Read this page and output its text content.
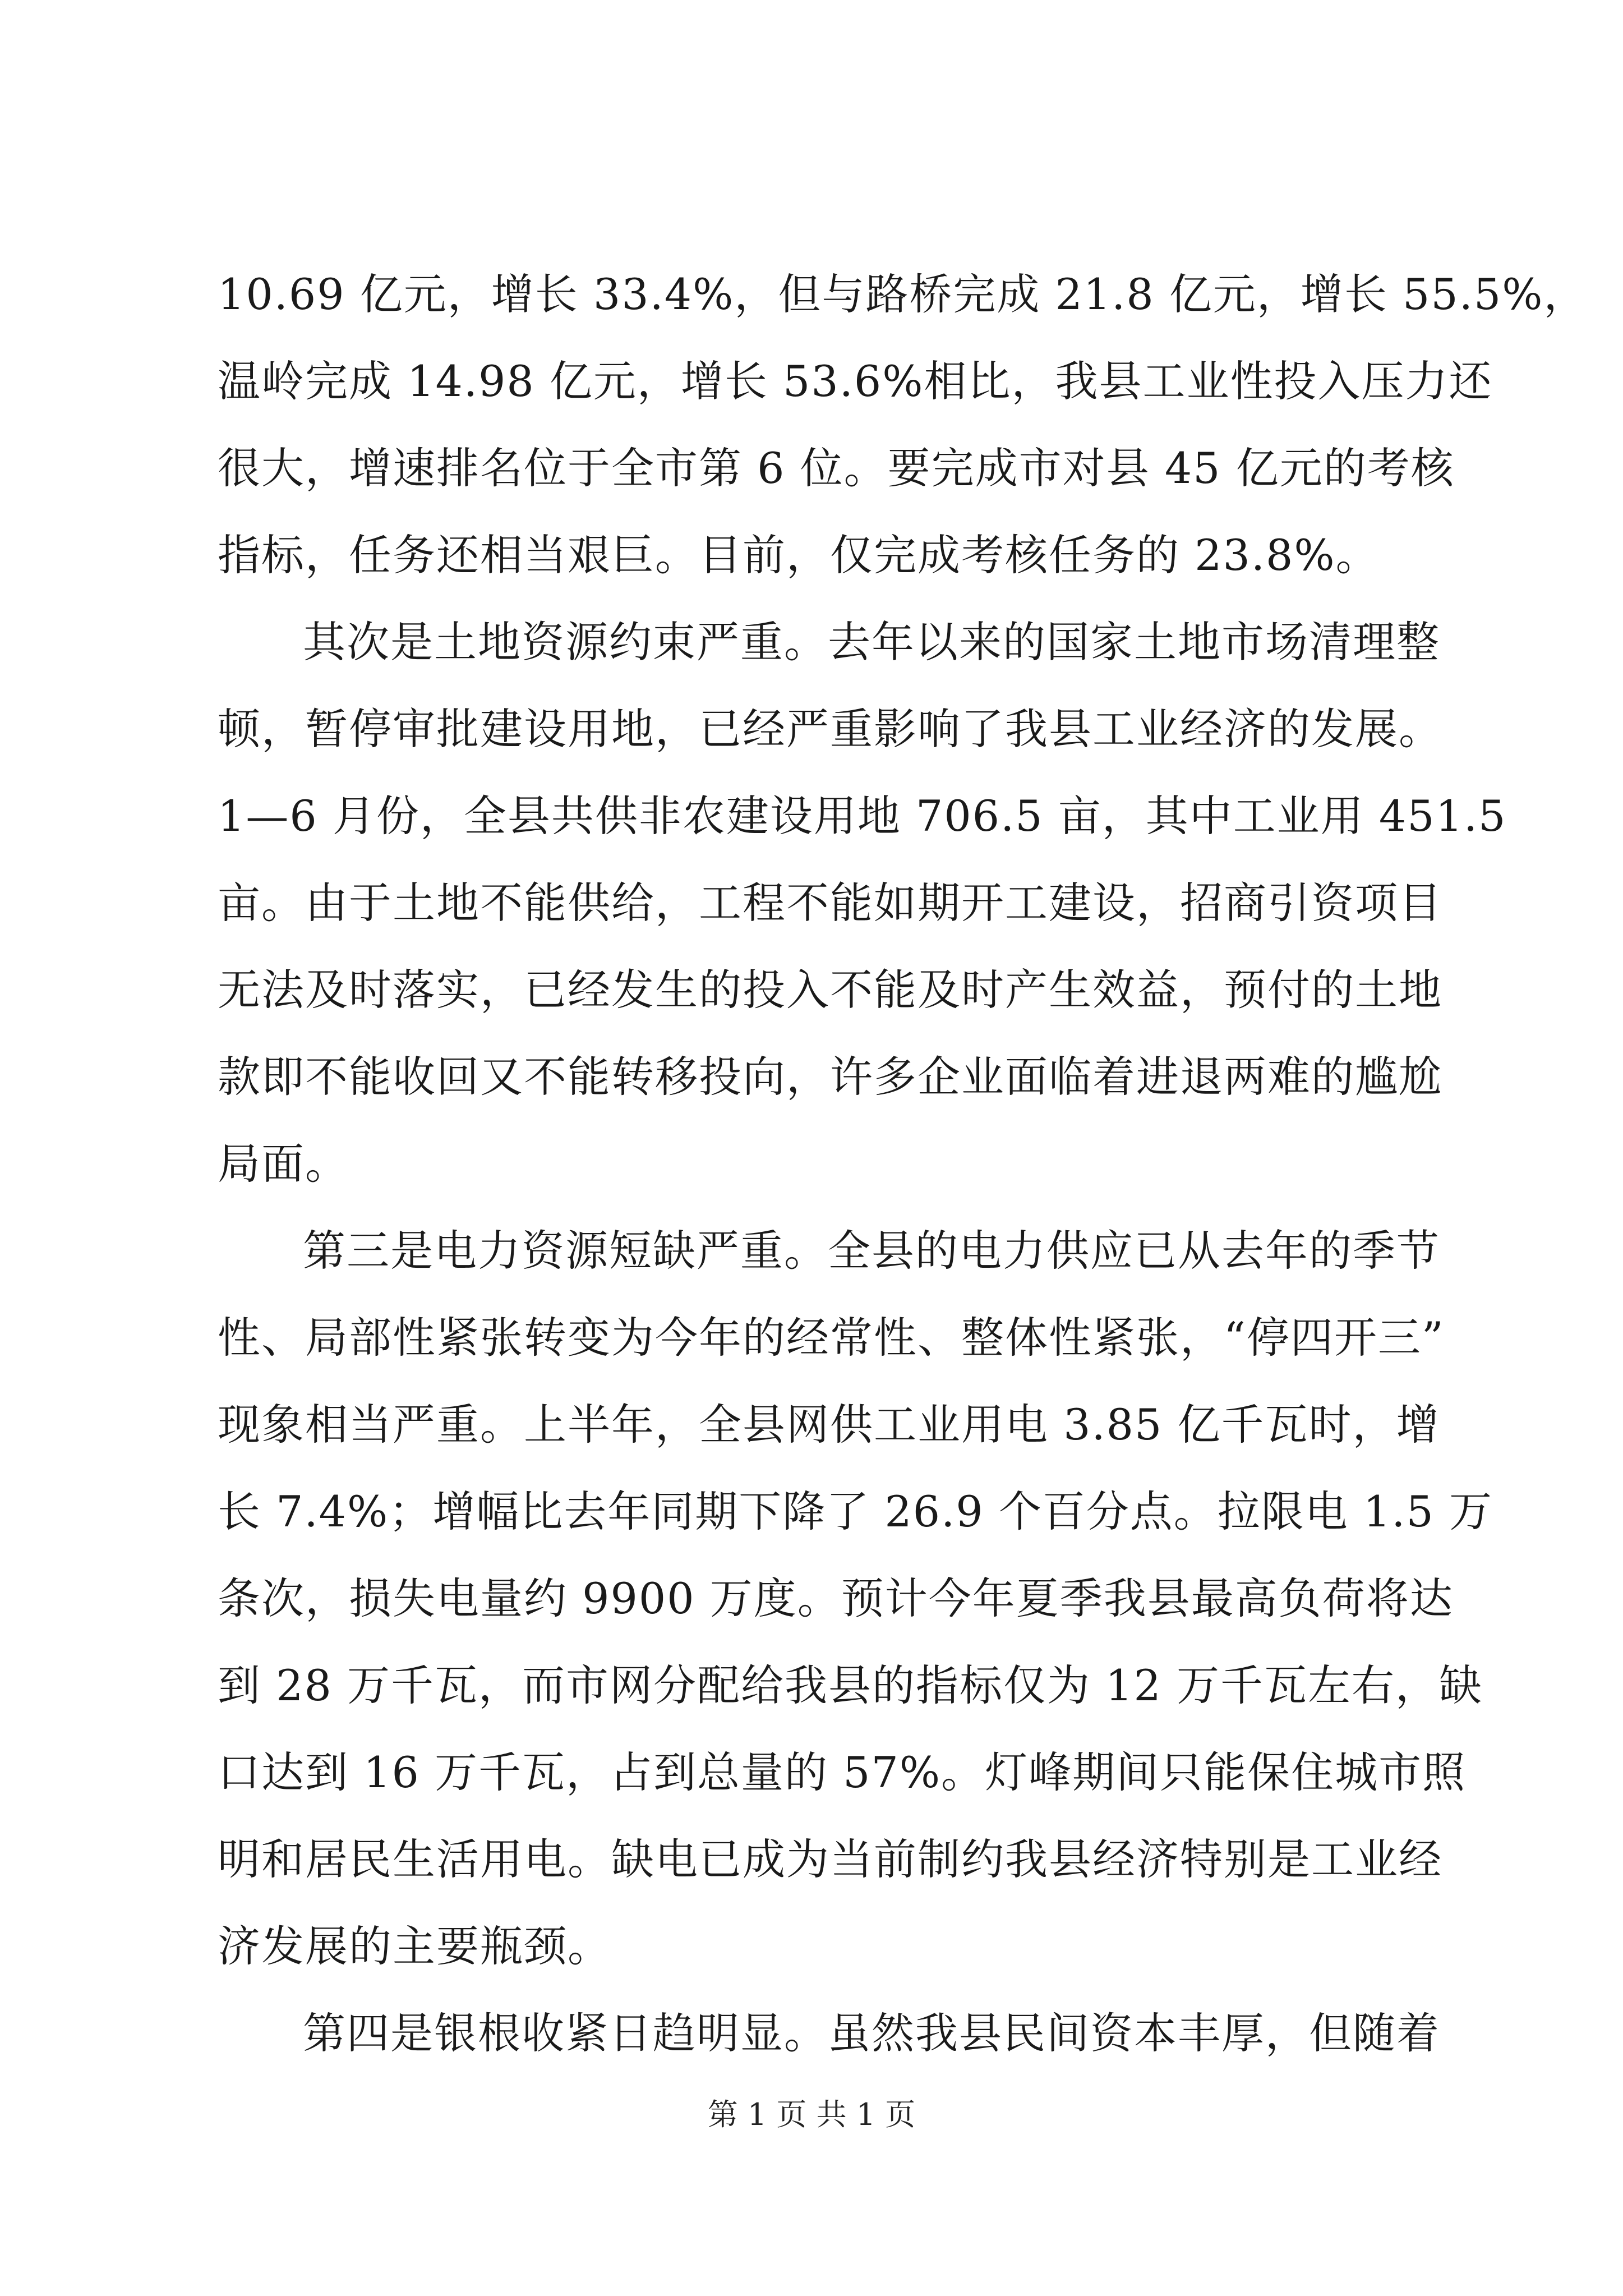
10.69 亿元，增长 33.4%，但与路桥完成 21.8 亿元，增长 55.5%，
温岭完成 14.98 亿元，增长 53.6%相比，我县工业性投入压力还
很大，增速排名位于全市第 6 位。要完成市对县 45 亿元的考核
指标，任务还相当艰巨。目前，仅完成考核任务的 23.8%。
其次是土地资源约束严重。去年以来的国家土地市场清理整
顿，暂停审批建设用地，已经严重影响了我县工业经济的发展。
1—6 月份，全县共供非农建设用地 706.5 亩，其中工业用 451.5
亩。由于土地不能供给，工程不能如期开工建设，招商引资项目
无法及时落实，已经发生的投入不能及时产生效益，预付的土地
款即不能收回又不能转移投向，许多企业面临着进退两难的尴尬
局面。
第三是电力资源短缺严重。全县的电力供应已从去年的季节
性、局部性紧张转变为今年的经常性、整体性紧张，“停四开三”
现象相当严重。上半年，全县网供工业用电 3.85 亿千瓦时，增
长 7.4%；增幅比去年同期下降了 26.9 个百分点。拉限电 1.5 万
条次，损失电量约 9900 万度。预计今年夏季我县最高负荷将达
到 28 万千瓦，而市网分配给我县的指标仅为 12 万千瓦左右，缺
口达到 16 万千瓦，占到总量的 57%。灯峰期间只能保住城市照
明和居民生活用电。缺电已成为当前制约我县经济特别是工业经
济发展的主要瓶颈。
第四是银根收紧日趋明显。虽然我县民间资本丰厚，但随着
第 1 页 共 1 页
